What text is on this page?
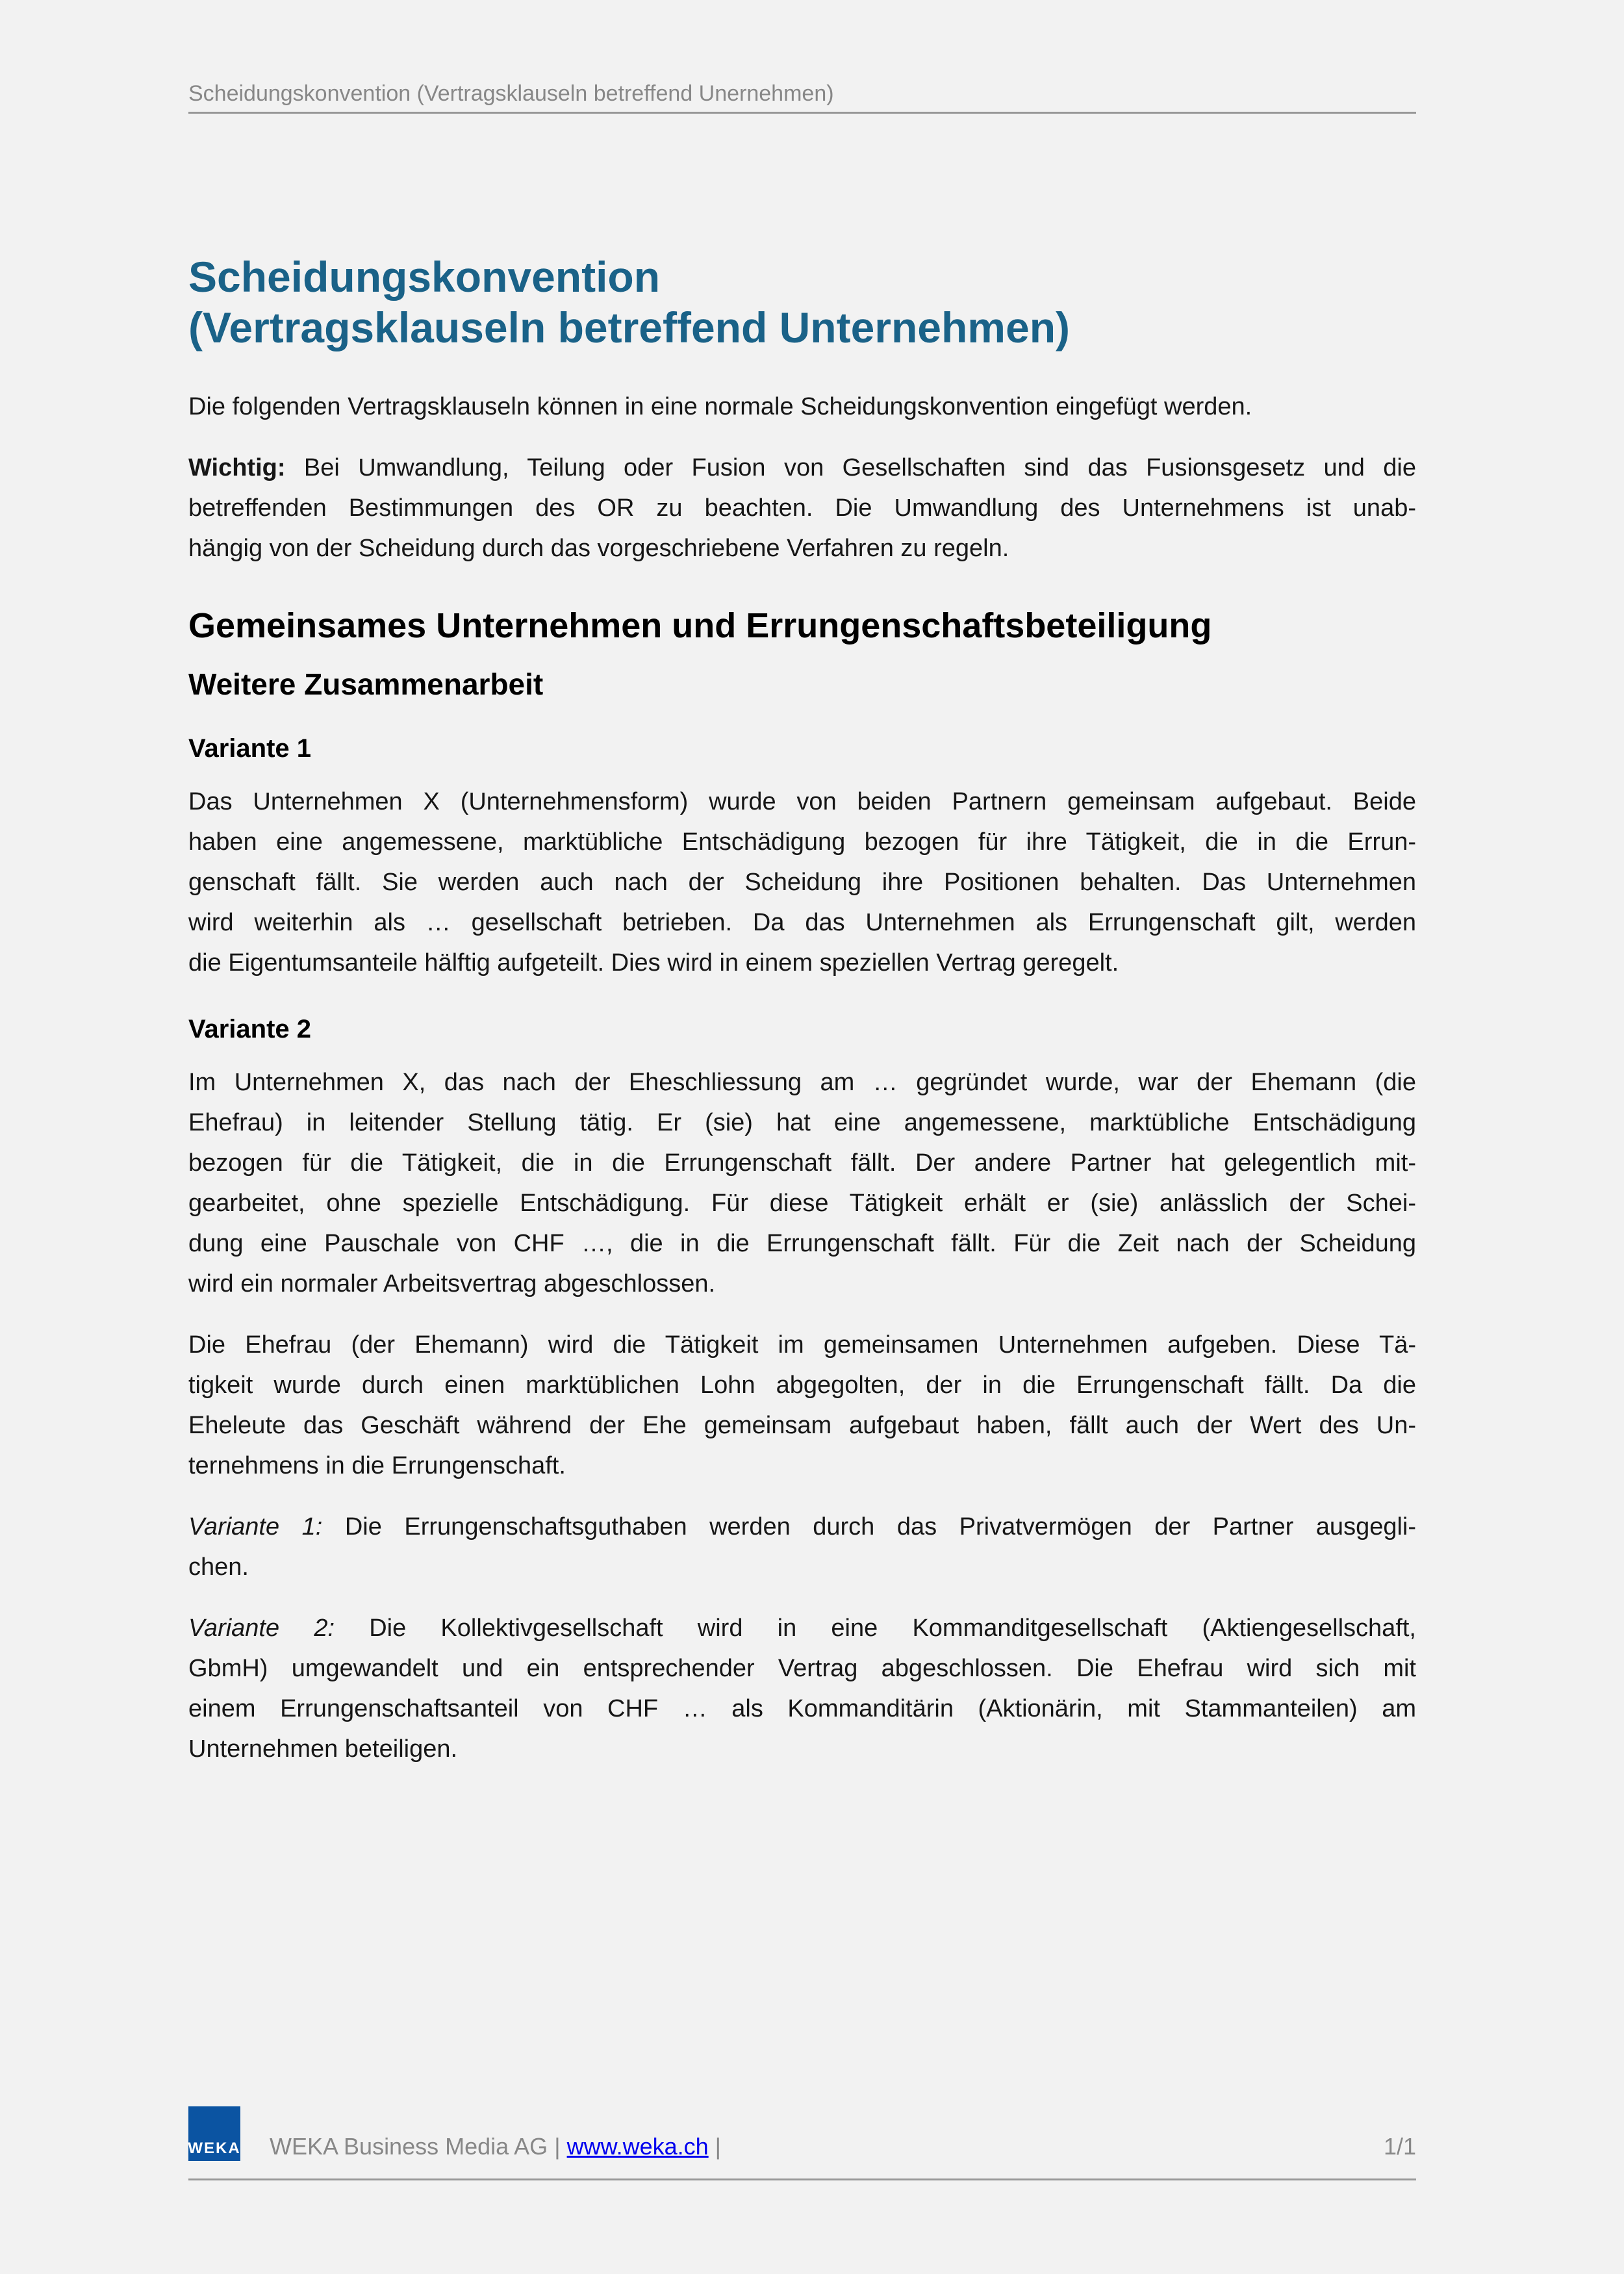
Scheidungskonvention (Vertragsklauseln betreffend Unernehmen)
Scheidungskonvention
(Vertragsklauseln betreffend Unternehmen)
Die folgenden Vertragsklauseln können in eine normale Scheidungskonvention eingefügt werden.
Wichtig: Bei Umwandlung, Teilung oder Fusion von Gesellschaften sind das Fusionsgesetz und die
betreffenden Bestimmungen des OR zu beachten. Die Umwandlung des Unternehmens ist unab-
hängig von der Scheidung durch das vorgeschriebene Verfahren zu regeln.
Gemeinsames Unternehmen und Errungenschaftsbeteiligung
Weitere Zusammenarbeit
Variante 1
Das Unternehmen X (Unternehmensform) wurde von beiden Partnern gemeinsam aufgebaut. Beide
haben eine angemessene, marktübliche Entschädigung bezogen für ihre Tätigkeit, die in die Errun-
genschaft fällt. Sie werden auch nach der Scheidung ihre Positionen behalten. Das Unternehmen
wird weiterhin als … gesellschaft betrieben. Da das Unternehmen als Errungenschaft gilt, werden
die Eigentumsanteile hälftig aufgeteilt. Dies wird in einem speziellen Vertrag geregelt.
Variante 2
Im Unternehmen X, das nach der Eheschliessung am … gegründet wurde, war der Ehemann (die
Ehefrau) in leitender Stellung tätig. Er (sie) hat eine angemessene, marktübliche Entschädigung
bezogen für die Tätigkeit, die in die Errungenschaft fällt. Der andere Partner hat gelegentlich mit-
gearbeitet, ohne spezielle Entschädigung. Für diese Tätigkeit erhält er (sie) anlässlich der Schei-
dung eine Pauschale von CHF …, die in die Errungenschaft fällt. Für die Zeit nach der Scheidung
wird ein normaler Arbeitsvertrag abgeschlossen.
Die Ehefrau (der Ehemann) wird die Tätigkeit im gemeinsamen Unternehmen aufgeben. Diese Tä-
tigkeit wurde durch einen marktüblichen Lohn abgegolten, der in die Errungenschaft fällt. Da die
Eheleute das Geschäft während der Ehe gemeinsam aufgebaut haben, fällt auch der Wert des Un-
ternehmens in die Errungenschaft.
Variante 1: Die Errungenschaftsguthaben werden durch das Privatvermögen der Partner ausgegli-
chen.
Variante 2: Die Kollektivgesellschaft wird in eine Kommanditgesellschaft (Aktiengesellschaft,
GbmH) umgewandelt und ein entsprechender Vertrag abgeschlossen. Die Ehefrau wird sich mit
einem Errungenschaftsanteil von CHF … als Kommanditärin (Aktionärin, mit Stammanteilen) am
Unternehmen beteiligen.
WEKA WEKA Business Media AG | www.weka.ch |	1/1
